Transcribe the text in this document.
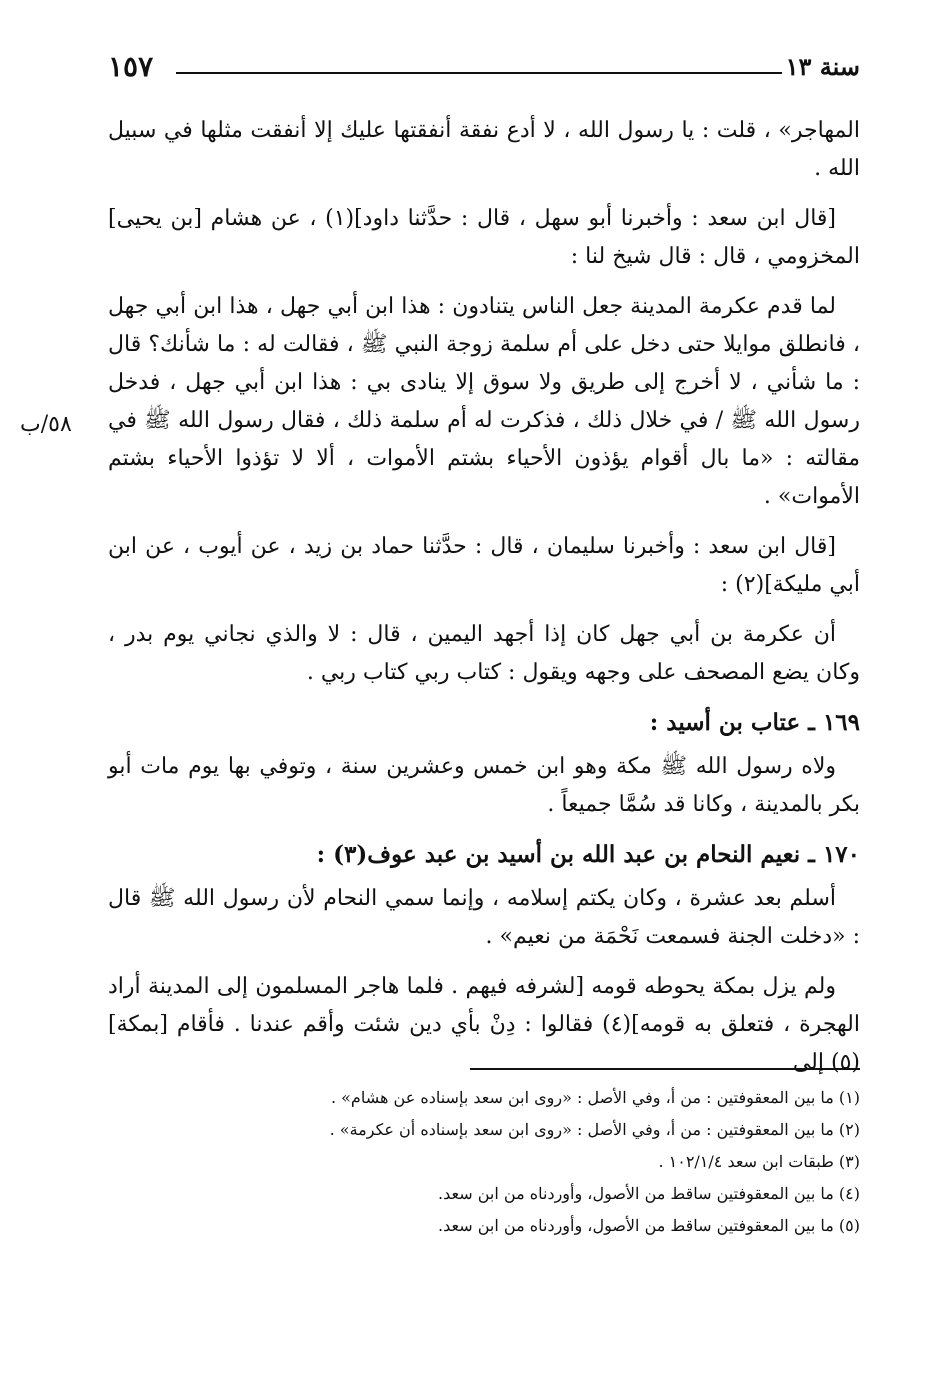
سنة ١٣
١٥٧
٥٨/ب

المهاجر» ، قلت : يا رسول الله ، لا أدع نفقة أنفقتها عليك إلا أنفقت مثلها في سبيل الله .

[قال ابن سعد : وأخبرنا أبو سهل ، قال : حدَّثنا داود](١) ، عن هشام [بن يحيى] المخزومي ، قال : قال شيخ لنا :

لما قدم عكرمة المدينة جعل الناس يتنادون : هذا ابن أبي جهل ، هذا ابن أبي جهل ، فانطلق موايلا حتى دخل على أم سلمة زوجة النبي ﷺ ، فقالت له : ما شأنك؟ قال : ما شأني ، لا أخرج إلى طريق ولا سوق إلا ينادى بي : هذا ابن أبي جهل ، فدخل رسول الله ﷺ / في خلال ذلك ، فذكرت له أم سلمة ذلك ، فقال رسول الله ﷺ في مقالته : «ما بال أقوام يؤذون الأحياء بشتم الأموات ، ألا لا تؤذوا الأحياء بشتم الأموات» .

[قال ابن سعد : وأخبرنا سليمان ، قال : حدَّثنا حماد بن زيد ، عن أيوب ، عن ابن أبي مليكة](٢) :

أن عكرمة بن أبي جهل كان إذا أجهد اليمين ، قال : لا والذي نجاني يوم بدر ، وكان يضع المصحف على وجهه ويقول : كتاب ربي كتاب ربي .

١٦٩ ـ عتاب بن أسيد :

ولاه رسول الله ﷺ مكة وهو ابن خمس وعشرين سنة ، وتوفي بها يوم مات أبو بكر بالمدينة ، وكانا قد سُمَّا جميعاً .

١٧٠ ـ نعيم النحام بن عبد الله بن أسيد بن عبد عوف(٣) :

أسلم بعد عشرة ، وكان يكتم إسلامه ، وإنما سمي النحام لأن رسول الله ﷺ قال : «دخلت الجنة فسمعت نَحْمَة من نعيم» .

ولم يزل بمكة يحوطه قومه [لشرفه فيهم . فلما هاجر المسلمون إلى المدينة أراد الهجرة ، فتعلق به قومه](٤) فقالوا : دِنْ بأي دين شئت وأقم عندنا . فأقام [بمكة](٥) إلى

(١) ما بين المعقوفتين : من أ، وفي الأصل : «روى ابن سعد بإسناده عن هشام» .

(٢) ما بين المعقوفتين : من أ، وفي الأصل : «روى ابن سعد بإسناده أن عكرمة» .

(٣) طبقات ابن سعد ١٠٢/١/٤ .

(٤) ما بين المعقوفتين ساقط من الأصول، وأوردناه من ابن سعد.

(٥) ما بين المعقوفتين ساقط من الأصول، وأوردناه من ابن سعد.
